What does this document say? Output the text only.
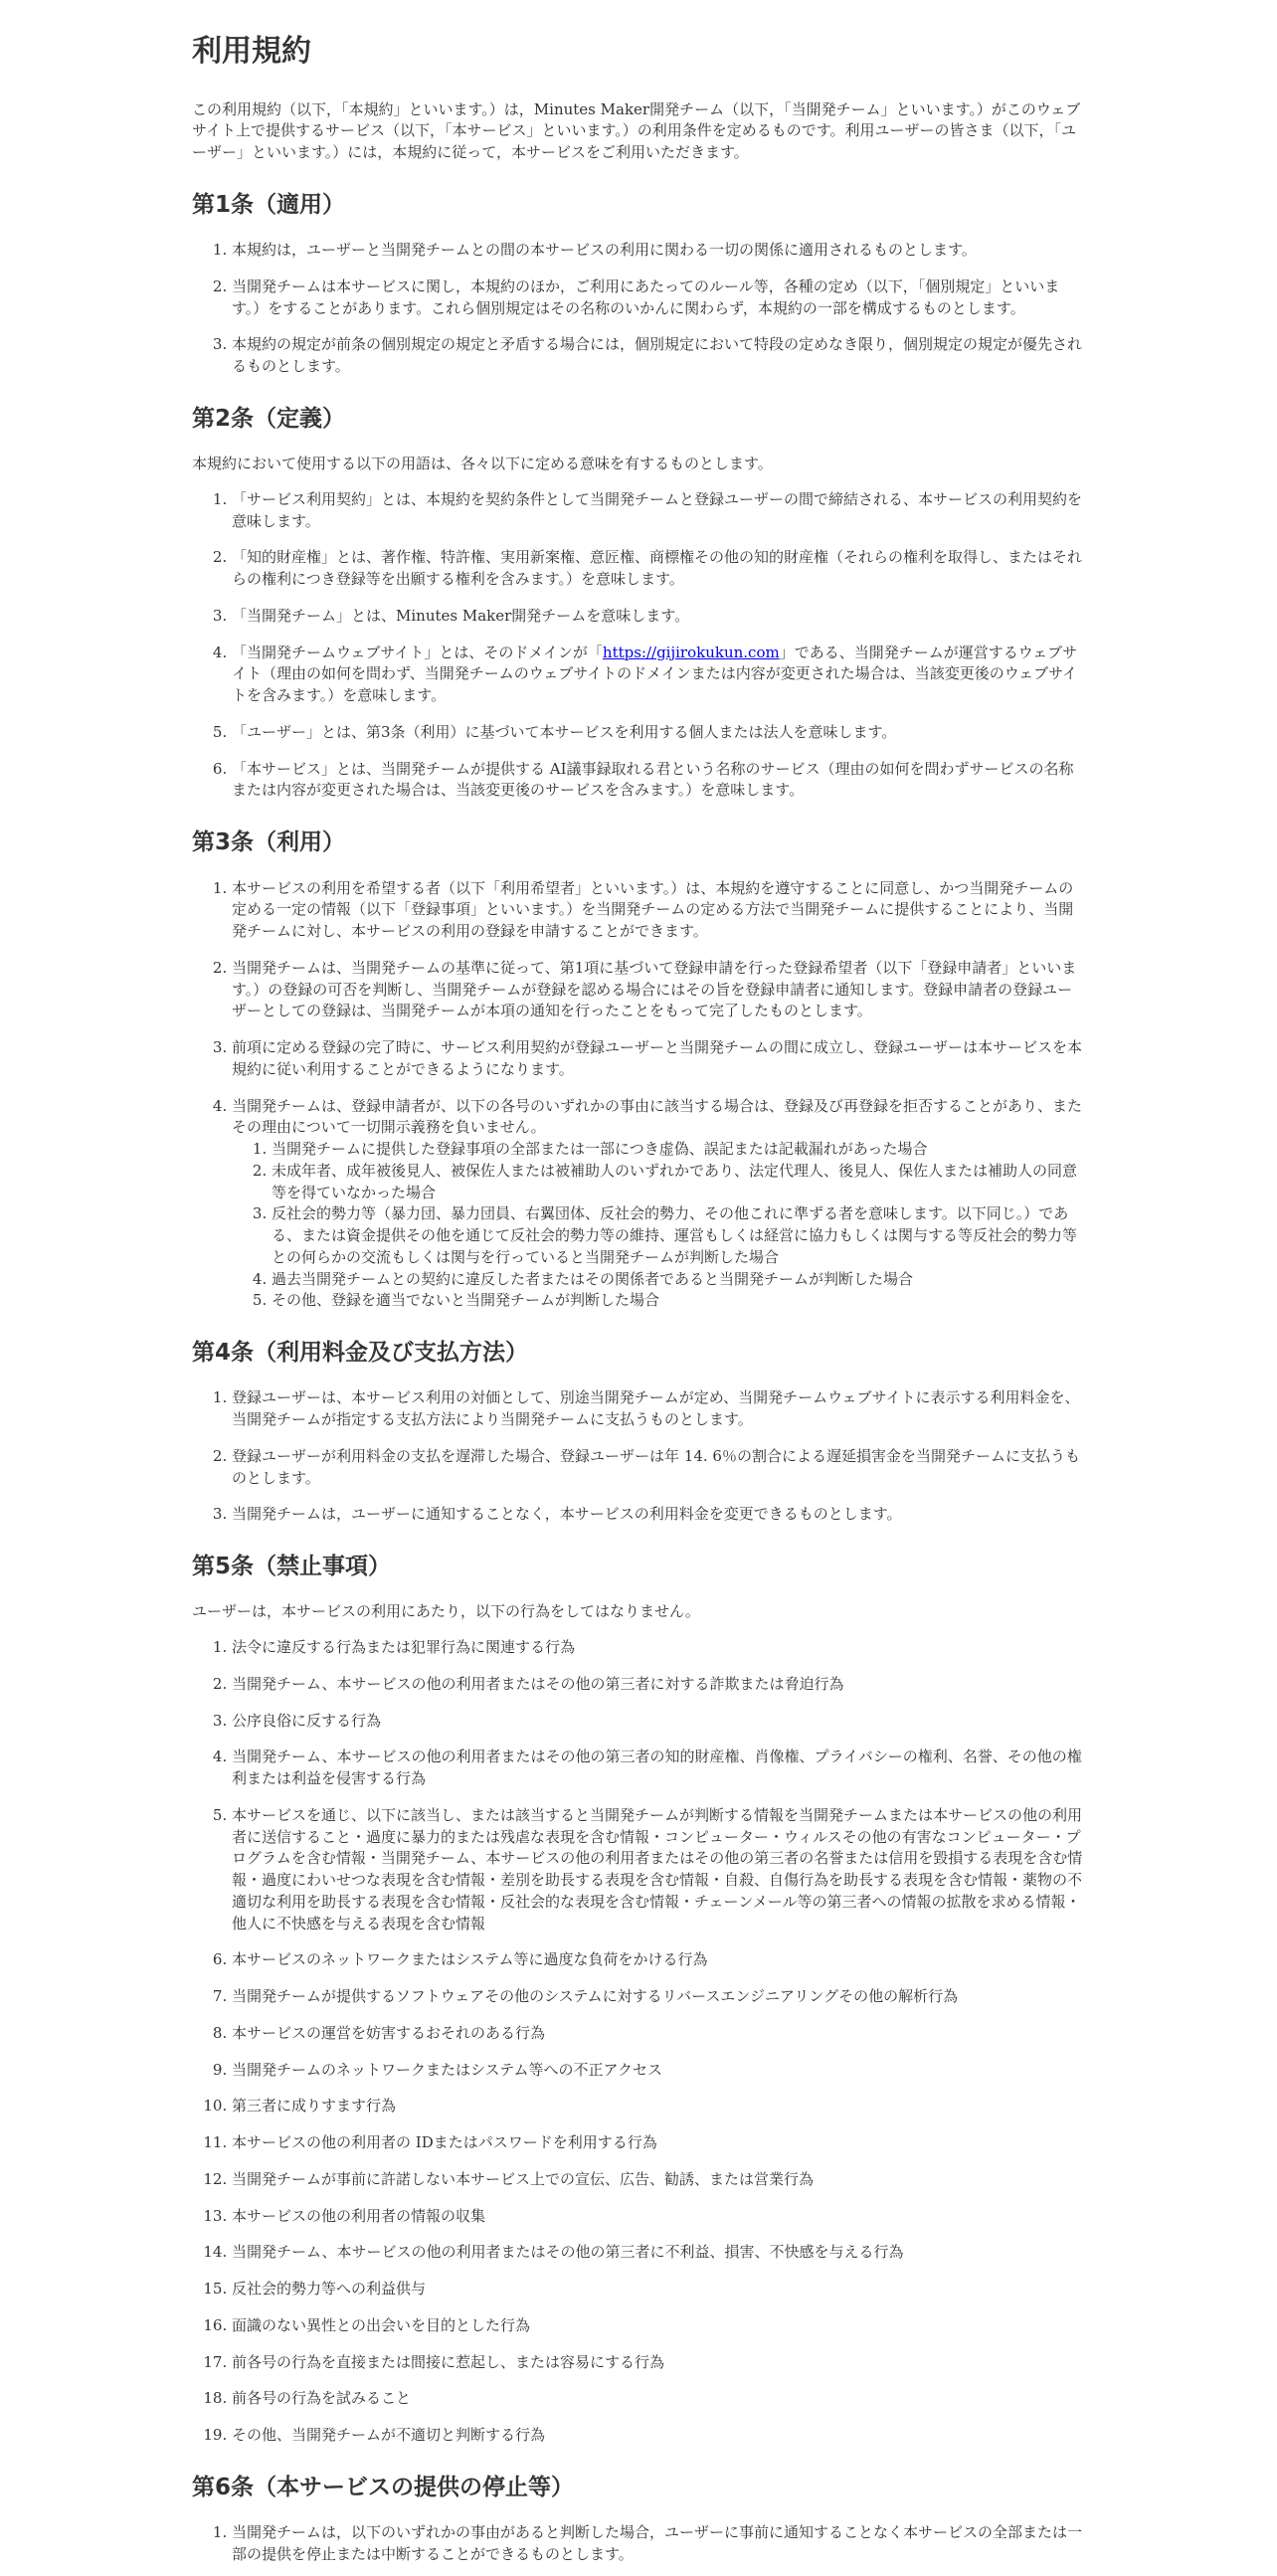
利用規約

この利用規約（以下，「本規約」といいます。）は，Minutes Maker開発チーム（以下，「当開発チーム」といいます。）がこのウェブサイト上で提供するサービス（以下，「本サービス」といいます。）の利用条件を定めるものです。利用ユーザーの皆さま（以下，「ユーザー」といいます。）には，本規約に従って，本サービスをご利用いただきます。

第1条（適用）
1. 本規約は，ユーザーと当開発チームとの間の本サービスの利用に関わる一切の関係に適用されるものとします。
2. 当開発チームは本サービスに関し，本規約のほか，ご利用にあたってのルール等，各種の定め（以下，「個別規定」といいます。）をすることがあります。これら個別規定はその名称のいかんに関わらず，本規約の一部を構成するものとします。
3. 本規約の規定が前条の個別規定の規定と矛盾する場合には，個別規定において特段の定めなき限り，個別規定の規定が優先されるものとします。
第2条（定義）

本規約において使用する以下の用語は、各々以下に定める意味を有するものとします。

1. 「サービス利用契約」とは、本規約を契約条件として当開発チームと登録ユーザーの間で締結される、本サービスの利用契約を意味します。
2. 「知的財産権」とは、著作権、特許権、実用新案権、意匠権、商標権その他の知的財産権（それらの権利を取得し、またはそれらの権利につき登録等を出願する権利を含みます。）を意味します。
3. 「当開発チーム」とは、Minutes Maker開発チームを意味します。
4. 「当開発チームウェブサイト」とは、そのドメインが「https://gijirokukun.com」である、当開発チームが運営するウェブサイト（理由の如何を問わず、当開発チームのウェブサイトのドメインまたは内容が変更された場合は、当該変更後のウェブサイトを含みます。）を意味します。
5. 「ユーザー」とは、第3条（利用）に基づいて本サービスを利用する個人または法人を意味します。
6. 「本サービス」とは、当開発チームが提供する AI議事録取れる君という名称のサービス（理由の如何を問わずサービスの名称または内容が変更された場合は、当該変更後のサービスを含みます。）を意味します。
第3条（利用）
1. 本サービスの利用を希望する者（以下「利用希望者」といいます。）は、本規約を遵守することに同意し、かつ当開発チームの定める一定の情報（以下「登録事項」といいます。）を当開発チームの定める方法で当開発チームに提供することにより、当開発チームに対し、本サービスの利用の登録を申請することができます。
2. 当開発チームは、当開発チームの基準に従って、第1項に基づいて登録申請を行った登録希望者（以下「登録申請者」といいます。）の登録の可否を判断し、当開発チームが登録を認める場合にはその旨を登録申請者に通知します。登録申請者の登録ユーザーとしての登録は、当開発チームが本項の通知を行ったことをもって完了したものとします。
3. 前項に定める登録の完了時に、サービス利用契約が登録ユーザーと当開発チームの間に成立し、登録ユーザーは本サービスを本規約に従い利用することができるようになります。
4. 当開発チームは、登録申請者が、以下の各号のいずれかの事由に該当する場合は、登録及び再登録を拒否することがあり、またその理由について一切開示義務を負いません。
1. 当開発チームに提供した登録事項の全部または一部につき虚偽、誤記または記載漏れがあった場合
2. 未成年者、成年被後見人、被保佐人または被補助人のいずれかであり、法定代理人、後見人、保佐人または補助人の同意等を得ていなかった場合
3. 反社会的勢力等（暴力団、暴力団員、右翼団体、反社会的勢力、その他これに準ずる者を意味します。以下同じ。）である、または資金提供その他を通じて反社会的勢力等の維持、運営もしくは経営に協力もしくは関与する等反社会的勢力等との何らかの交流もしくは関与を行っていると当開発チームが判断した場合
4. 過去当開発チームとの契約に違反した者またはその関係者であると当開発チームが判断した場合
5. その他、登録を適当でないと当開発チームが判断した場合
第4条（利用料金及び支払方法）
1. 登録ユーザーは、本サービス利用の対価として、別途当開発チームが定め、当開発チームウェブサイトに表示する利用料金を、当開発チームが指定する支払方法により当開発チームに支払うものとします。
2. 登録ユーザーが利用料金の支払を遅滞した場合、登録ユーザーは年 14. 6％の割合による遅延損害金を当開発チームに支払うものとします。
3. 当開発チームは，ユーザーに通知することなく，本サービスの利用料金を変更できるものとします。
第5条（禁止事項）

ユーザーは，本サービスの利用にあたり，以下の行為をしてはなりません。

1. 法令に違反する行為または犯罪行為に関連する行為
2. 当開発チーム、本サービスの他の利用者またはその他の第三者に対する詐欺または脅迫行為
3. 公序良俗に反する行為
4. 当開発チーム、本サービスの他の利用者またはその他の第三者の知的財産権、肖像権、プライバシーの権利、名誉、その他の権利または利益を侵害する行為
5. 本サービスを通じ、以下に該当し、または該当すると当開発チームが判断する情報を当開発チームまたは本サービスの他の利用者に送信すること・過度に暴力的または残虐な表現を含む情報・コンピューター・ウィルスその他の有害なコンピューター・プログラムを含む情報・当開発チーム、本サービスの他の利用者またはその他の第三者の名誉または信用を毀損する表現を含む情報・過度にわいせつな表現を含む情報・差別を助長する表現を含む情報・自殺、自傷行為を助長する表現を含む情報・薬物の不適切な利用を助長する表現を含む情報・反社会的な表現を含む情報・チェーンメール等の第三者への情報の拡散を求める情報・他人に不快感を与える表現を含む情報
6. 本サービスのネットワークまたはシステム等に過度な負荷をかける行為
7. 当開発チームが提供するソフトウェアその他のシステムに対するリバースエンジニアリングその他の解析行為
8. 本サービスの運営を妨害するおそれのある行為
9. 当開発チームのネットワークまたはシステム等への不正アクセス
10. 第三者に成りすます行為
11. 本サービスの他の利用者の IDまたはパスワードを利用する行為
12. 当開発チームが事前に許諾しない本サービス上での宣伝、広告、勧誘、または営業行為
13. 本サービスの他の利用者の情報の収集
14. 当開発チーム、本サービスの他の利用者またはその他の第三者に不利益、損害、不快感を与える行為
15. 反社会的勢力等への利益供与
16. 面識のない異性との出会いを目的とした行為
17. 前各号の行為を直接または間接に惹起し、または容易にする行為
18. 前各号の行為を試みること
19. その他、当開発チームが不適切と判断する行為
第6条（本サービスの提供の停止等）
1. 当開発チームは，以下のいずれかの事由があると判断した場合，ユーザーに事前に通知することなく本サービスの全部または一部の提供を停止または中断することができるものとします。
